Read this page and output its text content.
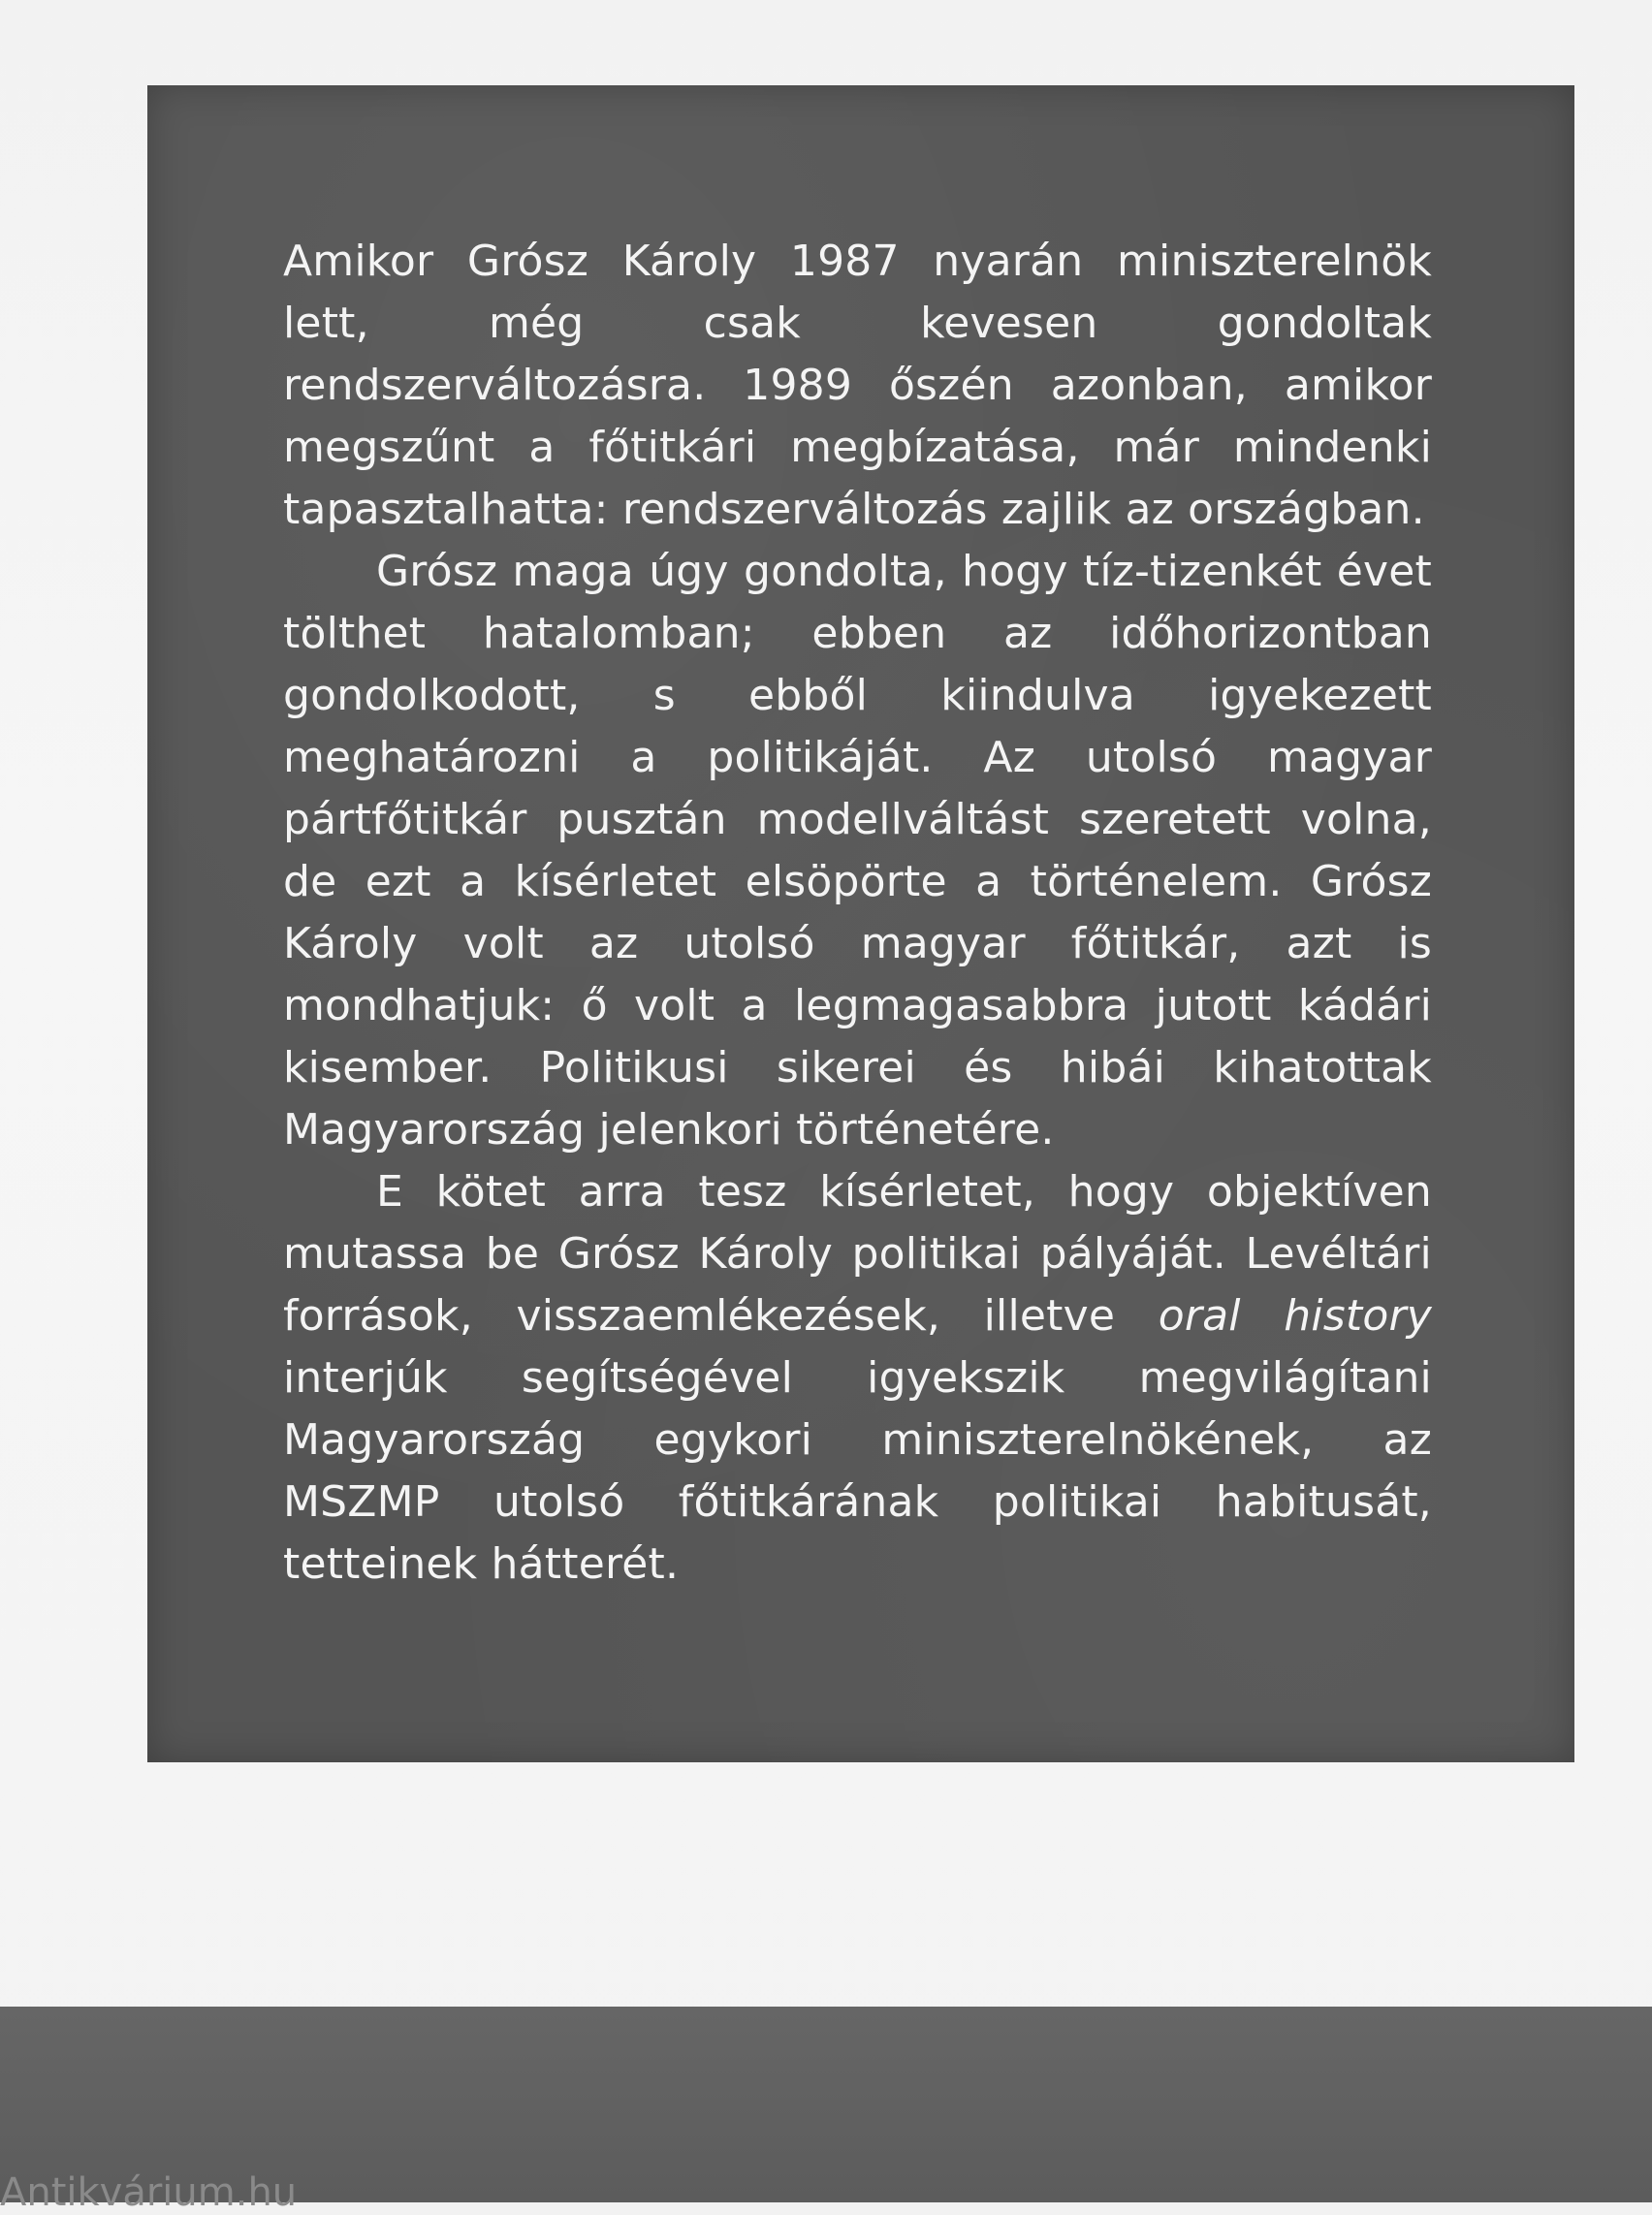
Amikor Grósz Károly 1987 nyarán miniszterelnök lett, még csak kevesen gondoltak rendszerváltozásra. 1989 őszén azonban, amikor megszűnt a főtitkári megbízatása, már mindenki tapasztalhatta: rendszerváltozás zajlik az országban.

Grósz maga úgy gondolta, hogy tíz-tizenkét évet tölthet hatalomban; ebben az időhorizontban gondolkodott, s ebből kiindulva igyekezett meghatározni a politikáját. Az utolsó magyar pártfőtitkár pusztán modellváltást szeretett volna, de ezt a kísérletet elsöpörte a történelem. Grósz Károly volt az utolsó magyar főtitkár, azt is mondhatjuk: ő volt a legmagasabbra jutott kádári kisember. Politikusi sikerei és hibái kihatottak Magyarország jelenkori történetére.

E kötet arra tesz kísérletet, hogy objektíven mutassa be Grósz Károly politikai pályáját. Levéltári források, visszaemlékezések, illetve oral history interjúk segítségével igyekszik megvilágítani Magyarország egykori miniszterelnökének, az MSZMP utolsó főtitkárának politikai habitusát, tetteinek hátterét.

Antikvárium.hu
